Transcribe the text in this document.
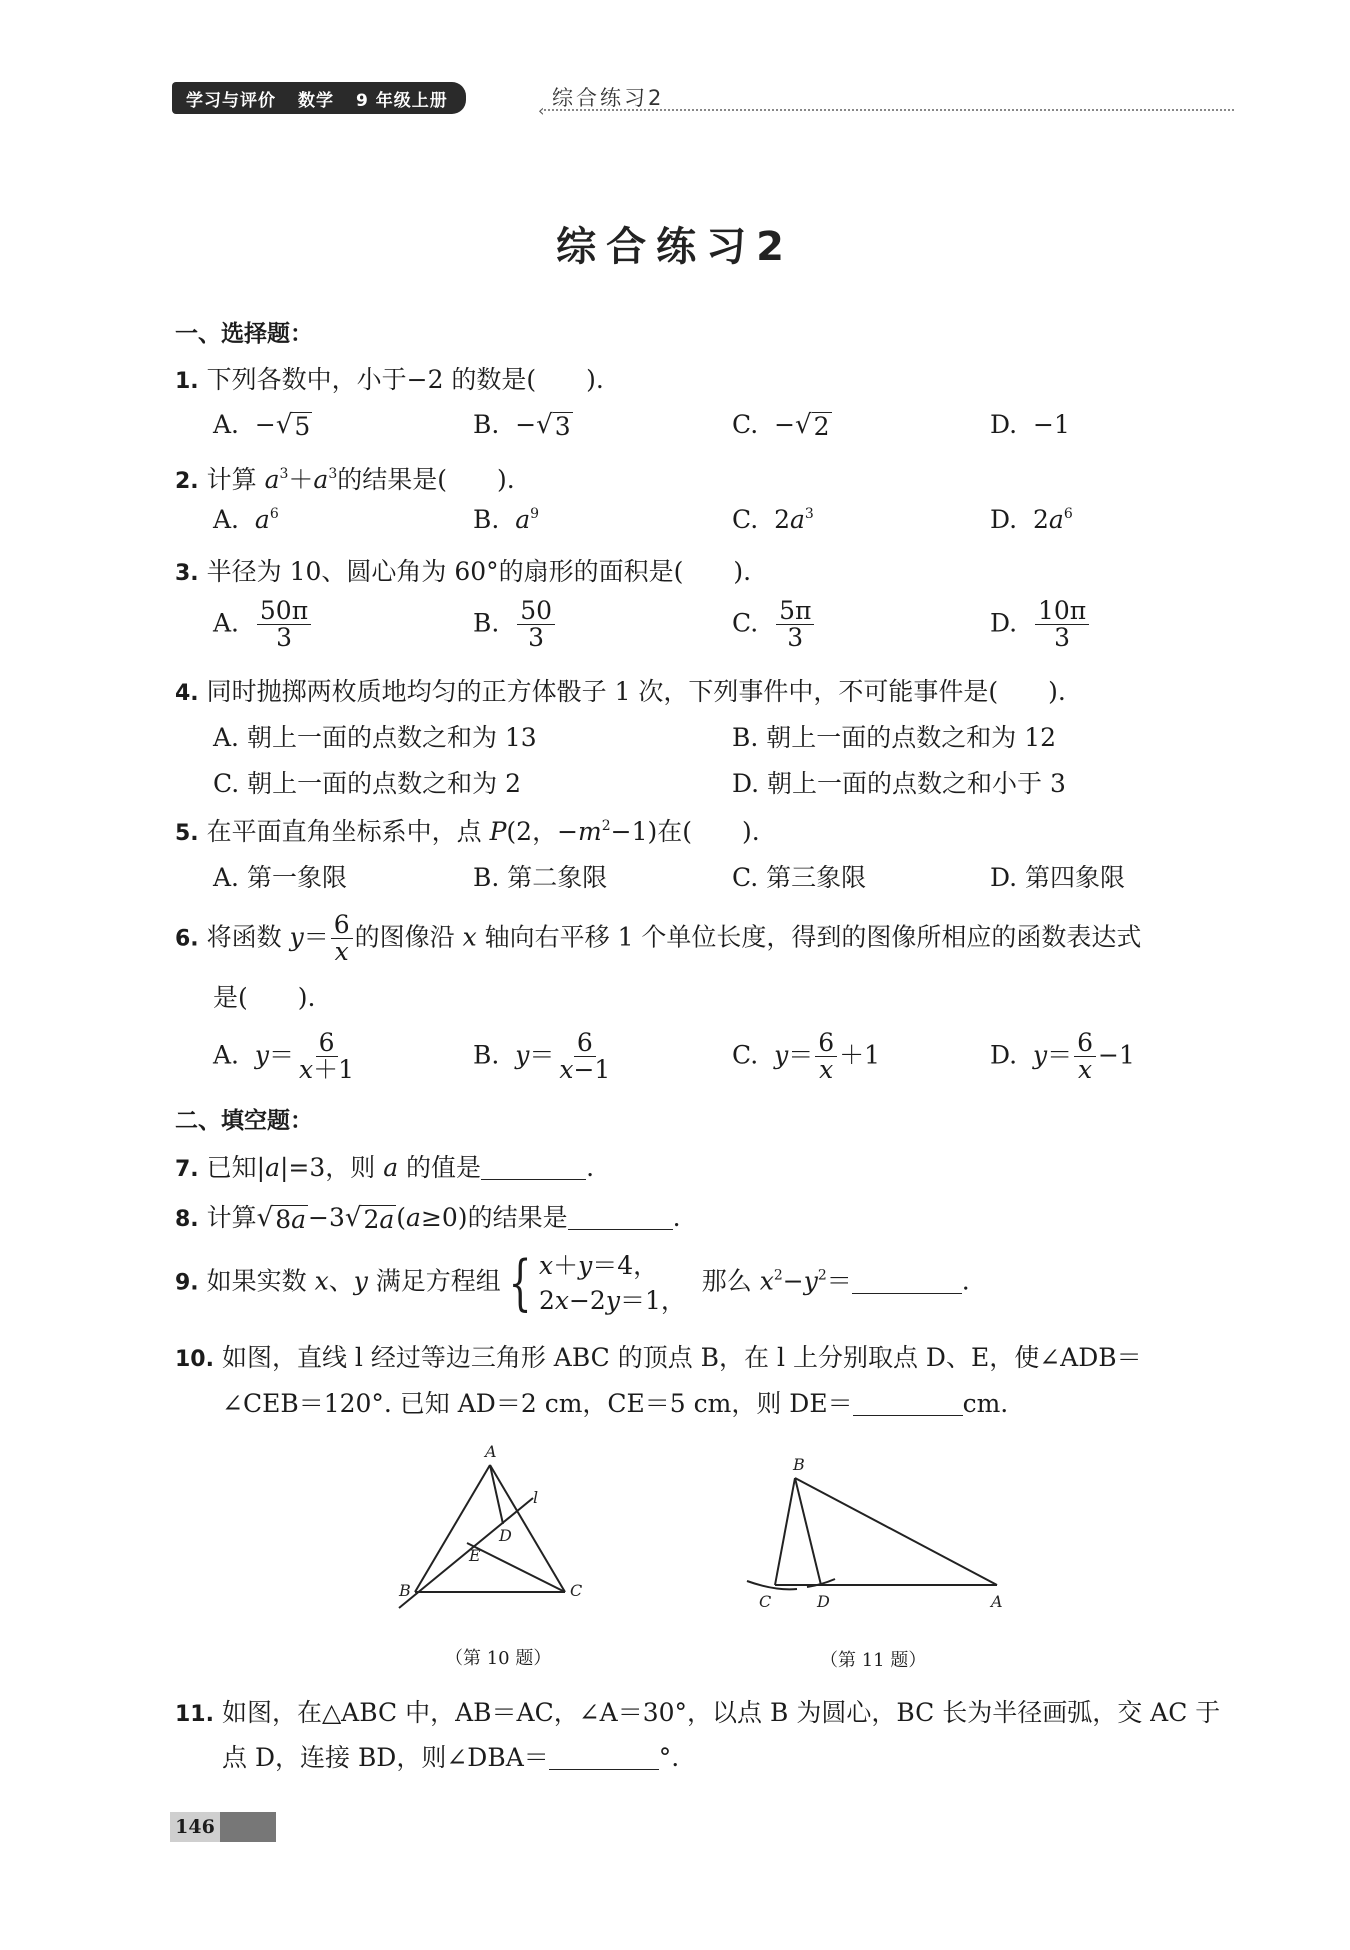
学习与评价 数学 9 年级上册	‹
综合练习2
综合练习2
一、选择题：
1. 下列各数中，小于−2 的数是(　　).
A.  − √ 5	B.  − √ 3	C.  − √ 2	D.  −1
2. 计算 $a^3+a^3$的结果是(　　).
A.  $a^6$	B.  $a^9$	C.  $2a^3$	D.  $2a^6$
3. 半径为 10、圆心角为 60°的扇形的面积是(　　).
A. $\frac{50\pi}{3}$	B. $\frac{50}{3}$	C. $\frac{5\pi}{3}$	D. $\frac{10\pi}{3}$
4. 同时抛掷两枚质地均匀的正方体骰子 1 次，下列事件中，不可能事件是(　　).
A. 朝上一面的点数之和为 13	B. 朝上一面的点数之和为 12
C. 朝上一面的点数之和为 2	D. 朝上一面的点数之和小于 3
5. 在平面直角坐标系中，点 P(2，$-m^2-1$)在(　　).
A. 第一象限	B. 第二象限	C. 第三象限	D. 第四象限
6. 将函数 $y= \frac{6}{x}$ 的图像沿 x 轴向右平移 1 个单位长度，得到的图像所相应的函数表达式
是(　　).
A.  $y= \frac{6}{x+1}$	B.  $y= \frac{6}{x-1}$	C.  $y= \frac{6}{x} +1$	D.  $y= \frac{6}{x} -1$
二、填空题：
7. 已知|a|=3，则 a 的值是	.
8. 计算 √ 8a −3 √ 2a (a≥0)的结果是	.
9. 如果实数 x、y 满足方程组 { x＋y＝4，
2x−2y＝1，
那么 $x^2-y^2=$	.
10. 如图，直线 l 经过等边三角形 ABC 的顶点 B，在 l 上分别取点 D、E，使∠ADB＝
∠CEB＝120°. 已知 AD＝2 cm，CE＝5 cm，则 DE＝	cm.
A
B	C
D
E
l
（第 10 题）
B
C	D	A
（第 11 题）
11. 如图，在△ABC 中，AB＝AC，∠A＝30°，以点 B 为圆心，BC 长为半径画弧，交 AC 于
点 D，连接 BD，则∠DBA＝	°.
146
